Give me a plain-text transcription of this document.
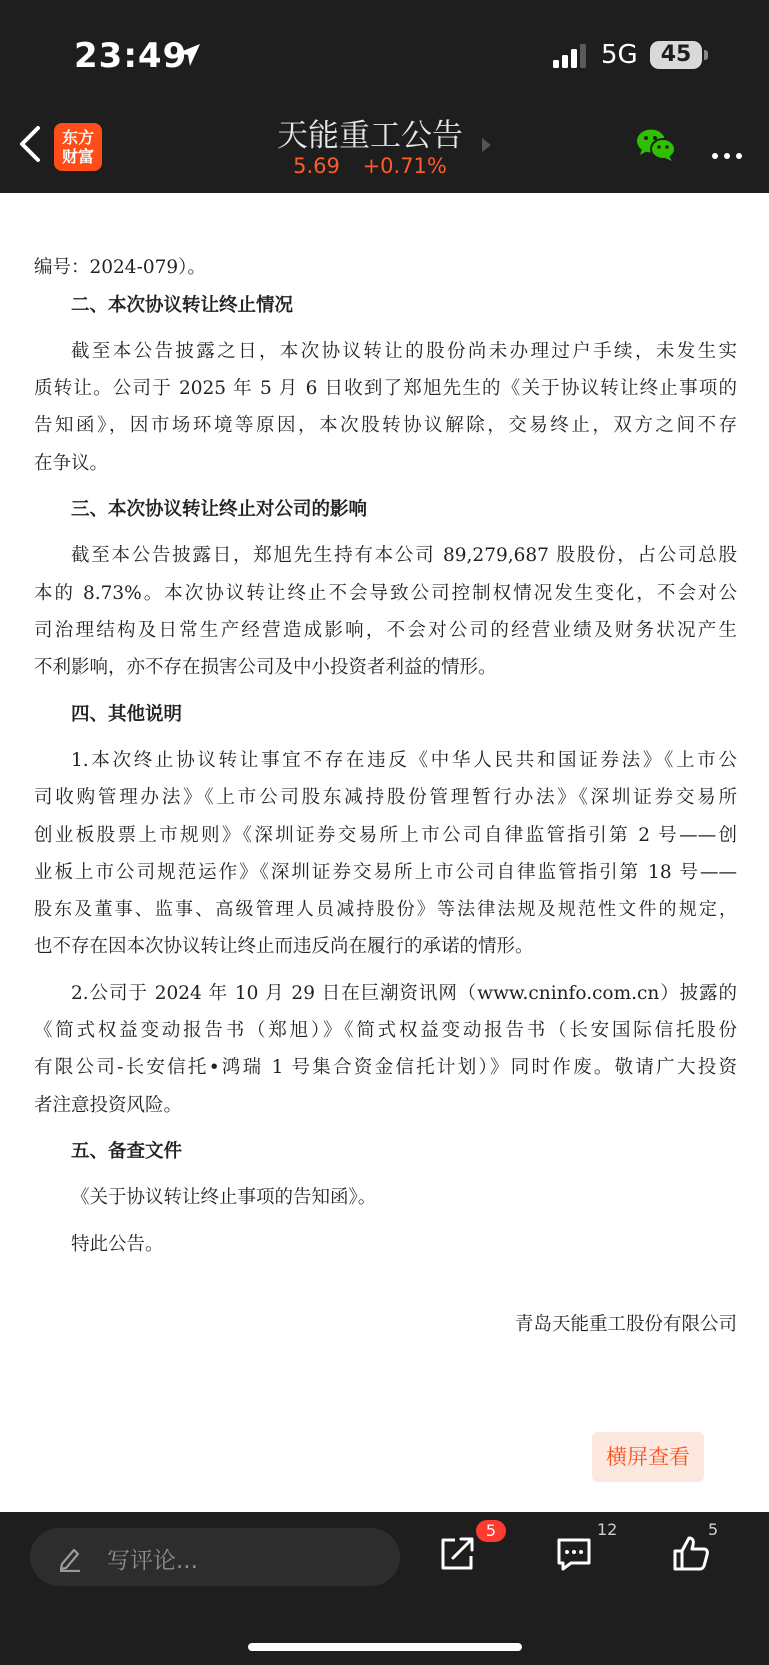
23:49	5G	45
东方
财富
天能重工公告
5.69 +0.71%
编号：2024-079）。
二、本次协议转让终止情况
截至本公告披露之日，本次协议转让的股份尚未办理过户手续，未发生实
质转让。公司于 2025 年 5 月 6 日收到了郑旭先生的《关于协议转让终止事项的
告知函》，因市场环境等原因，本次股转协议解除，交易终止，双方之间不存
在争议。
三、本次协议转让终止对公司的影响
截至本公告披露日，郑旭先生持有本公司 89,279,687 股股份，占公司总股
本的 8.73%。本次协议转让终止不会导致公司控制权情况发生变化，不会对公
司治理结构及日常生产经营造成影响，不会对公司的经营业绩及财务状况产生
不利影响，亦不存在损害公司及中小投资者利益的情形。
四、其他说明
1.本次终止协议转让事宜不存在违反《中华人民共和国证券法》《上市公
司收购管理办法》《上市公司股东减持股份管理暂行办法》《深圳证券交易所
创业板股票上市规则》《深圳证券交易所上市公司自律监管指引第 2 号——创
业板上市公司规范运作》《深圳证券交易所上市公司自律监管指引第 18 号——
股东及董事、监事、高级管理人员减持股份》等法律法规及规范性文件的规定，
也不存在因本次协议转让终止而违反尚在履行的承诺的情形。
2.公司于 2024 年 10 月 29 日在巨潮资讯网（www.cninfo.com.cn）披露的
《简式权益变动报告书（郑旭）》《简式权益变动报告书（长安国际信托股份
有限公司-长安信托•鸿瑞 1 号集合资金信托计划）》同时作废。敬请广大投资
者注意投资风险。
五、备查文件
《关于协议转让终止事项的告知函》。
特此公告。
青岛天能重工股份有限公司
横屏查看
写评论...
5	12	5
